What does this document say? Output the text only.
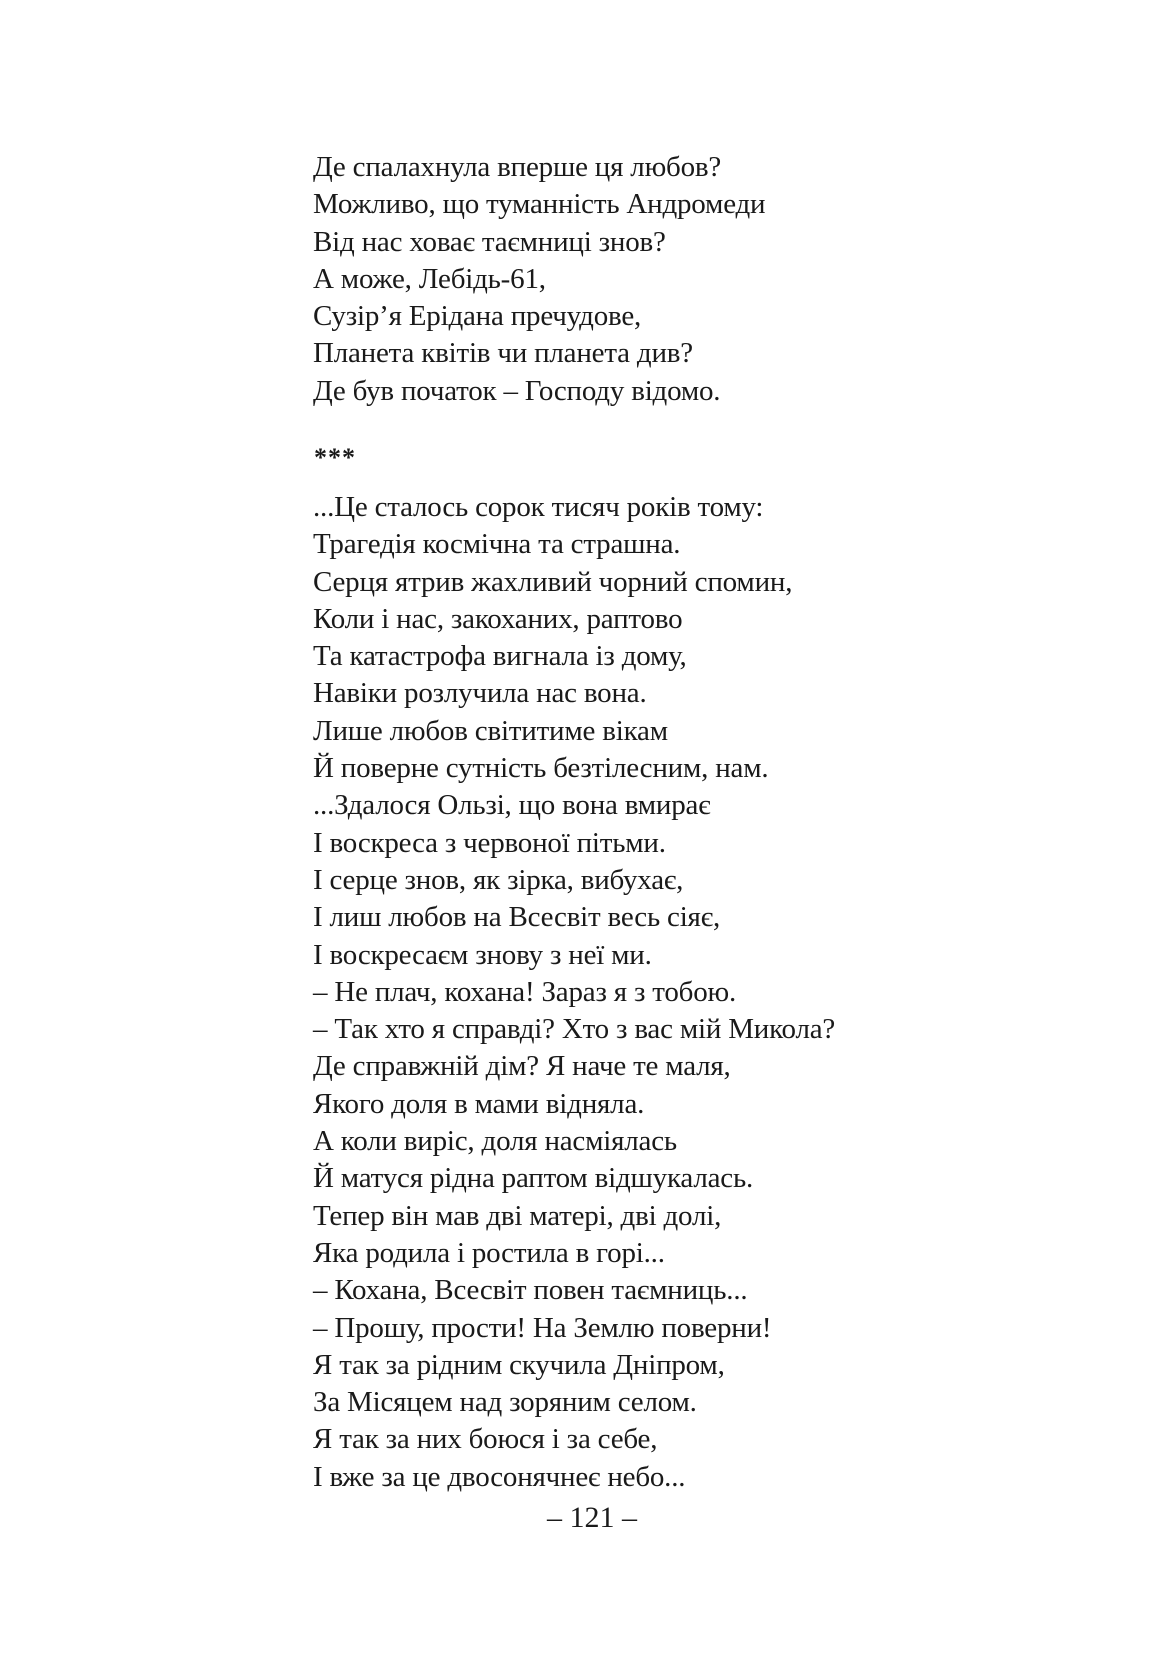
Де спалахнула вперше ця любов?
Можливо, що туманність Андромеди
Від нас ховає таємниці знов?
А може, Лебідь-61,
Сузір’я Ерідана пречудове,
Планета квітів чи планета див?
Де був початок – Господу відомо.
***
...Це сталось сорок тисяч років тому:
Трагедія космічна та страшна.
Серця ятрив жахливий чорний спомин,
Коли і нас, закоханих, раптово
Та катастрофа вигнала із дому,
Навіки розлучила нас вона.
Лише любов світитиме вікам
Й поверне сутність безтілесним, нам.
...Здалося Ользі, що вона вмирає
І воскреса з червоної пітьми.
І серце знов, як зірка, вибухає,
І лиш любов на Всесвіт весь сіяє,
І воскресаєм знову з неї ми.
– Не плач, кохана! Зараз я з тобою.
– Так хто я справді? Хто з вас мій Микола?
Де справжній дім? Я наче те маля,
Якого доля в мами відняла.
А коли виріс, доля насміялась
Й матуся рідна раптом відшукалась.
Тепер він мав дві матері, дві долі,
Яка родила і ростила в горі...
– Кохана, Всесвіт повен таємниць...
– Прошу, прости! На Землю поверни!
Я так за рідним скучила Дніпром,
За Місяцем над зоряним селом.
Я так за них боюся і за себе,
І вже за це двосонячнеє небо...
– 121 –
